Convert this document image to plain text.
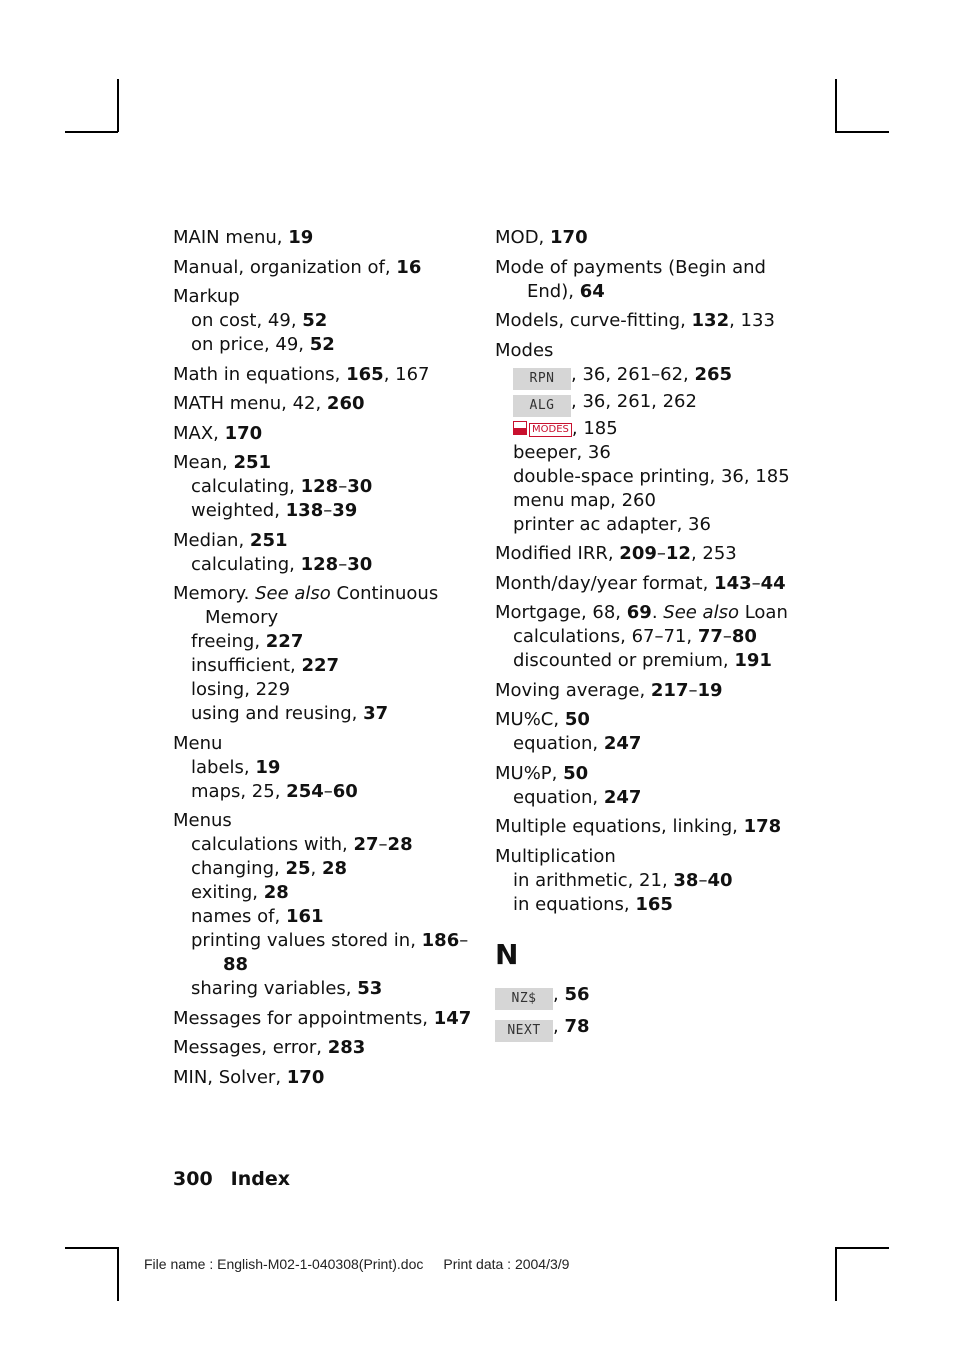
MAIN menu, 19

Manual, organization of, 16

Markup

on cost, 49, 52

on price, 49, 52

Math in equations, 165, 167

MATH menu, 42, 260

MAX, 170

Mean, 251

calculating, 128–30

weighted, 138–39

Median, 251

calculating, 128–30

Memory. See also Continuous Memory

freeing, 227

insufficient, 227

losing, 229

using and reusing, 37

Menu

labels, 19

maps, 25, 254–60

Menus

calculations with, 27–28

changing, 25, 28

exiting, 28

names of, 161

printing values stored in, 186–88

sharing variables, 53

Messages for appointments, 147

Messages, error, 283

MIN, Solver, 170

MOD, 170

Mode of payments (Begin and End), 64

Models, curve-fitting, 132, 133

Modes

RPN , 36, 261–62, 265

ALG , 36, 261, 262

MODES , 185

beeper, 36

double-space printing, 36, 185

menu map, 260

printer ac adapter, 36

Modified IRR, 209–12, 253

Month/day/year format, 143–44

Mortgage, 68, 69. See also Loan

calculations, 67–71, 77–80

discounted or premium, 191

Moving average, 217–19

MU%C, 50

equation, 247

MU%P, 50

equation, 247

Multiple equations, linking, 178

Multiplication

in arithmetic, 21, 38–40

in equations, 165

N

NZ$ , 56

NEXT , 78

300 Index
File name : English-M02-1-040308(Print).doc Print data : 2004/3/9
